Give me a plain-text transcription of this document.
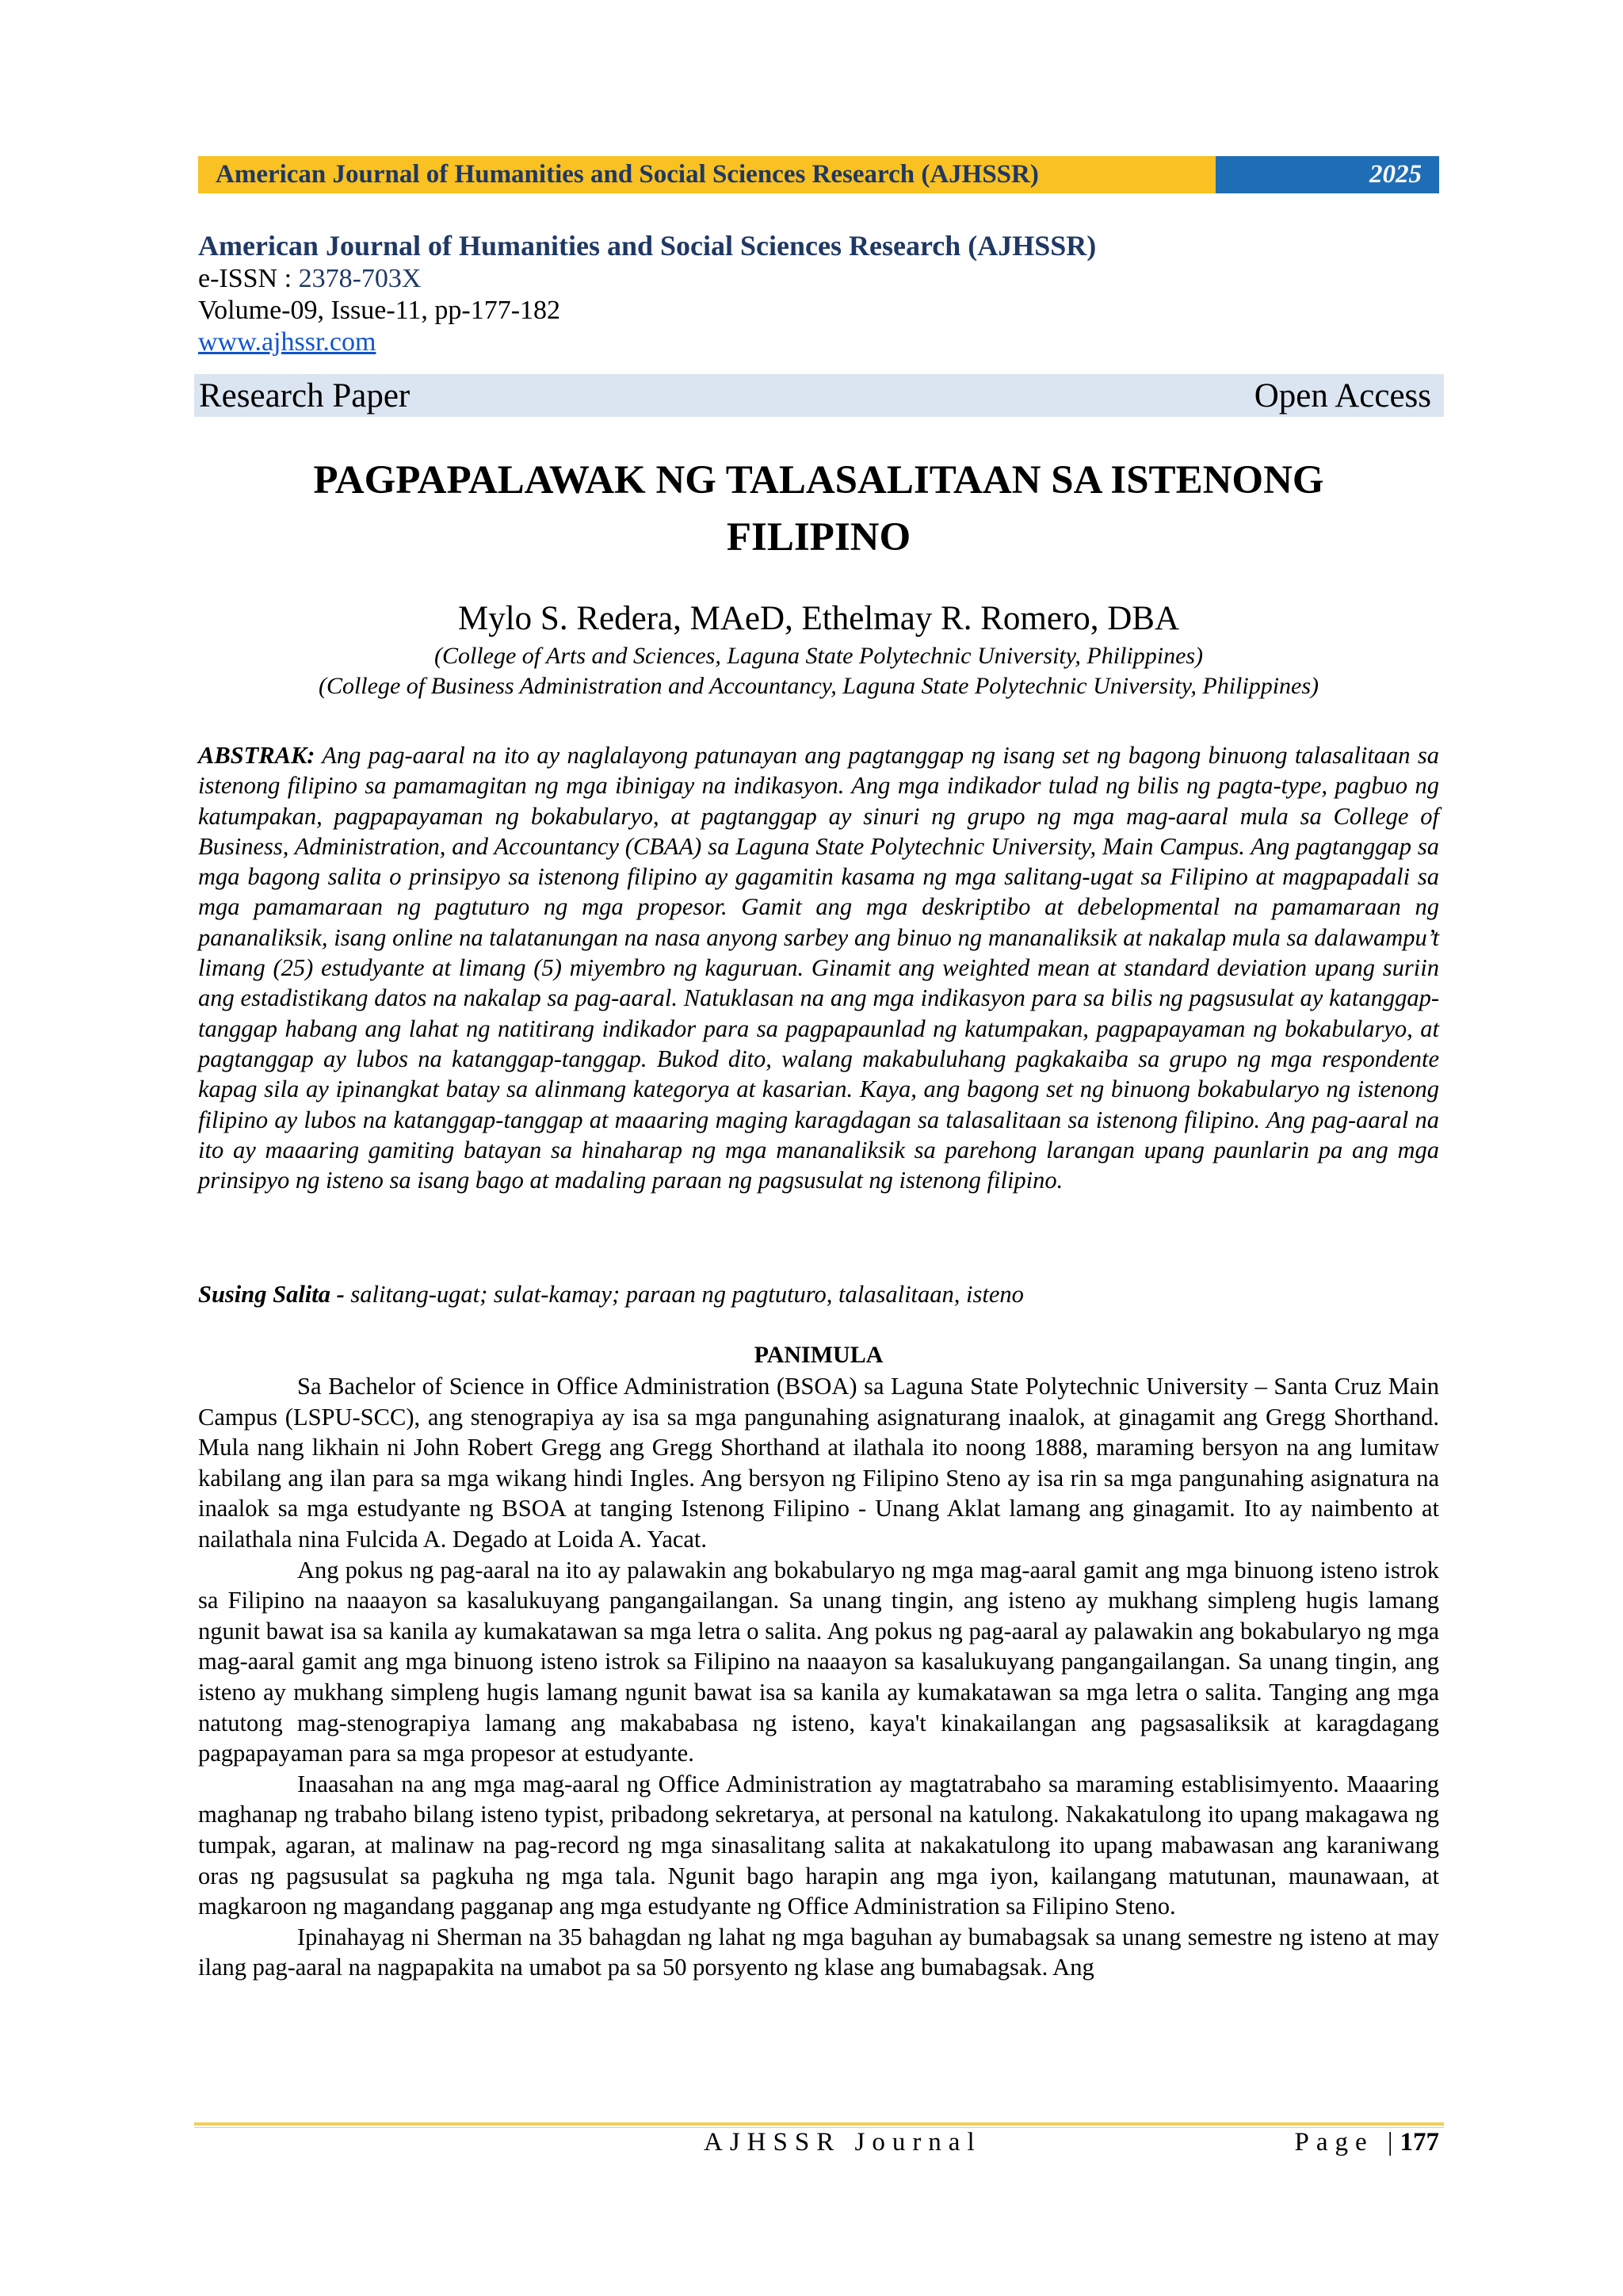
American Journal of Humanities and Social Sciences Research (AJHSSR)	2025
American Journal of Humanities and Social Sciences Research (AJHSSR)
e-ISSN : 2378-703X
Volume-09, Issue-11, pp-177-182
www.ajhssr.com
Research Paper	Open Access
PAGPAPALAWAK NG TALASALITAAN SA ISTENONG
FILIPINO
Mylo S. Redera, MAeD, Ethelmay R. Romero, DBA
(College of Arts and Sciences, Laguna State Polytechnic University, Philippines)
(College of Business Administration and Accountancy, Laguna State Polytechnic University, Philippines)
ABSTRAK: Ang pag-aaral na ito ay naglalayong patunayan ang pagtanggap ng isang set ng bagong binuong talasalitaan sa istenong filipino sa pamamagitan ng mga ibinigay na indikasyon. Ang mga indikador tulad ng bilis ng pagta-type, pagbuo ng katumpakan, pagpapayaman ng bokabularyo, at pagtanggap ay sinuri ng grupo ng mga mag-aaral mula sa College of Business, Administration, and Accountancy (CBAA) sa Laguna State Polytechnic University, Main Campus. Ang pagtanggap sa mga bagong salita o prinsipyo sa istenong filipino ay gagamitin kasama ng mga salitang-ugat sa Filipino at magpapadali sa mga pamamaraan ng pagtuturo ng mga propesor. Gamit ang mga deskriptibo at debelopmental na pamamaraan ng pananaliksik, isang online na talatanungan na nasa anyong sarbey ang binuo ng mananaliksik at nakalap mula sa dalawampu’t limang (25) estudyante at limang (5) miyembro ng kaguruan. Ginamit ang weighted mean at standard deviation upang suriin ang estadistikang datos na nakalap sa pag-aaral. Natuklasan na ang mga indikasyon para sa bilis ng pagsusulat ay katanggap-tanggap habang ang lahat ng natitirang indikador para sa pagpapaunlad ng katumpakan, pagpapayaman ng bokabularyo, at pagtanggap ay lubos na katanggap-tanggap. Bukod dito, walang makabuluhang pagkakaiba sa grupo ng mga respondente kapag sila ay ipinangkat batay sa alinmang kategorya at kasarian. Kaya, ang bagong set ng binuong bokabularyo ng istenong filipino ay lubos na katanggap-tanggap at maaaring maging karagdagan sa talasalitaan sa istenong filipino. Ang pag-aaral na ito ay maaaring gamiting batayan sa hinaharap ng mga mananaliksik sa parehong larangan upang paunlarin pa ang mga prinsipyo ng isteno sa isang bago at madaling paraan ng pagsusulat ng istenong filipino.
Susing Salita - salitang-ugat; sulat-kamay; paraan ng pagtuturo, talasalitaan, isteno
PANIMULA

Sa Bachelor of Science in Office Administration (BSOA) sa Laguna State Polytechnic University – Santa Cruz Main Campus (LSPU-SCC), ang stenograpiya ay isa sa mga pangunahing asignaturang inaalok, at ginagamit ang Gregg Shorthand. Mula nang likhain ni John Robert Gregg ang Gregg Shorthand at ilathala ito noong 1888, maraming bersyon na ang lumitaw kabilang ang ilan para sa mga wikang hindi Ingles. Ang bersyon ng Filipino Steno ay isa rin sa mga pangunahing asignatura na inaalok sa mga estudyante ng BSOA at tanging Istenong Filipino - Unang Aklat lamang ang ginagamit. Ito ay naimbento at nailathala nina Fulcida A. Degado at Loida A. Yacat.

Ang pokus ng pag-aaral na ito ay palawakin ang bokabularyo ng mga mag-aaral gamit ang mga binuong isteno istrok sa Filipino na naaayon sa kasalukuyang pangangailangan. Sa unang tingin, ang isteno ay mukhang simpleng hugis lamang ngunit bawat isa sa kanila ay kumakatawan sa mga letra o salita. Ang pokus ng pag-aaral ay palawakin ang bokabularyo ng mga mag-aaral gamit ang mga binuong isteno istrok sa Filipino na naaayon sa kasalukuyang pangangailangan. Sa unang tingin, ang isteno ay mukhang simpleng hugis lamang ngunit bawat isa sa kanila ay kumakatawan sa mga letra o salita. Tanging ang mga natutong mag-stenograpiya lamang ang makababasa ng isteno, kaya't kinakailangan ang pagsasaliksik at karagdagang pagpapayaman para sa mga propesor at estudyante.

Inaasahan na ang mga mag-aaral ng Office Administration ay magtatrabaho sa maraming establisimyento. Maaaring maghanap ng trabaho bilang isteno typist, pribadong sekretarya, at personal na katulong. Nakakatulong ito upang makagawa ng tumpak, agaran, at malinaw na pag-record ng mga sinasalitang salita at nakakatulong ito upang mabawasan ang karaniwang oras ng pagsusulat sa pagkuha ng mga tala. Ngunit bago harapin ang mga iyon, kailangang matutunan, maunawaan, at magkaroon ng magandang pagganap ang mga estudyante ng Office Administration sa Filipino Steno.

Ipinahayag ni Sherman na 35 bahagdan ng lahat ng mga baguhan ay bumabagsak sa unang semestre ng isteno at may ilang pag-aaral na nagpapakita na umabot pa sa 50 porsyento ng klase ang bumabagsak. Ang

AJHSSR Journal	Page |177
